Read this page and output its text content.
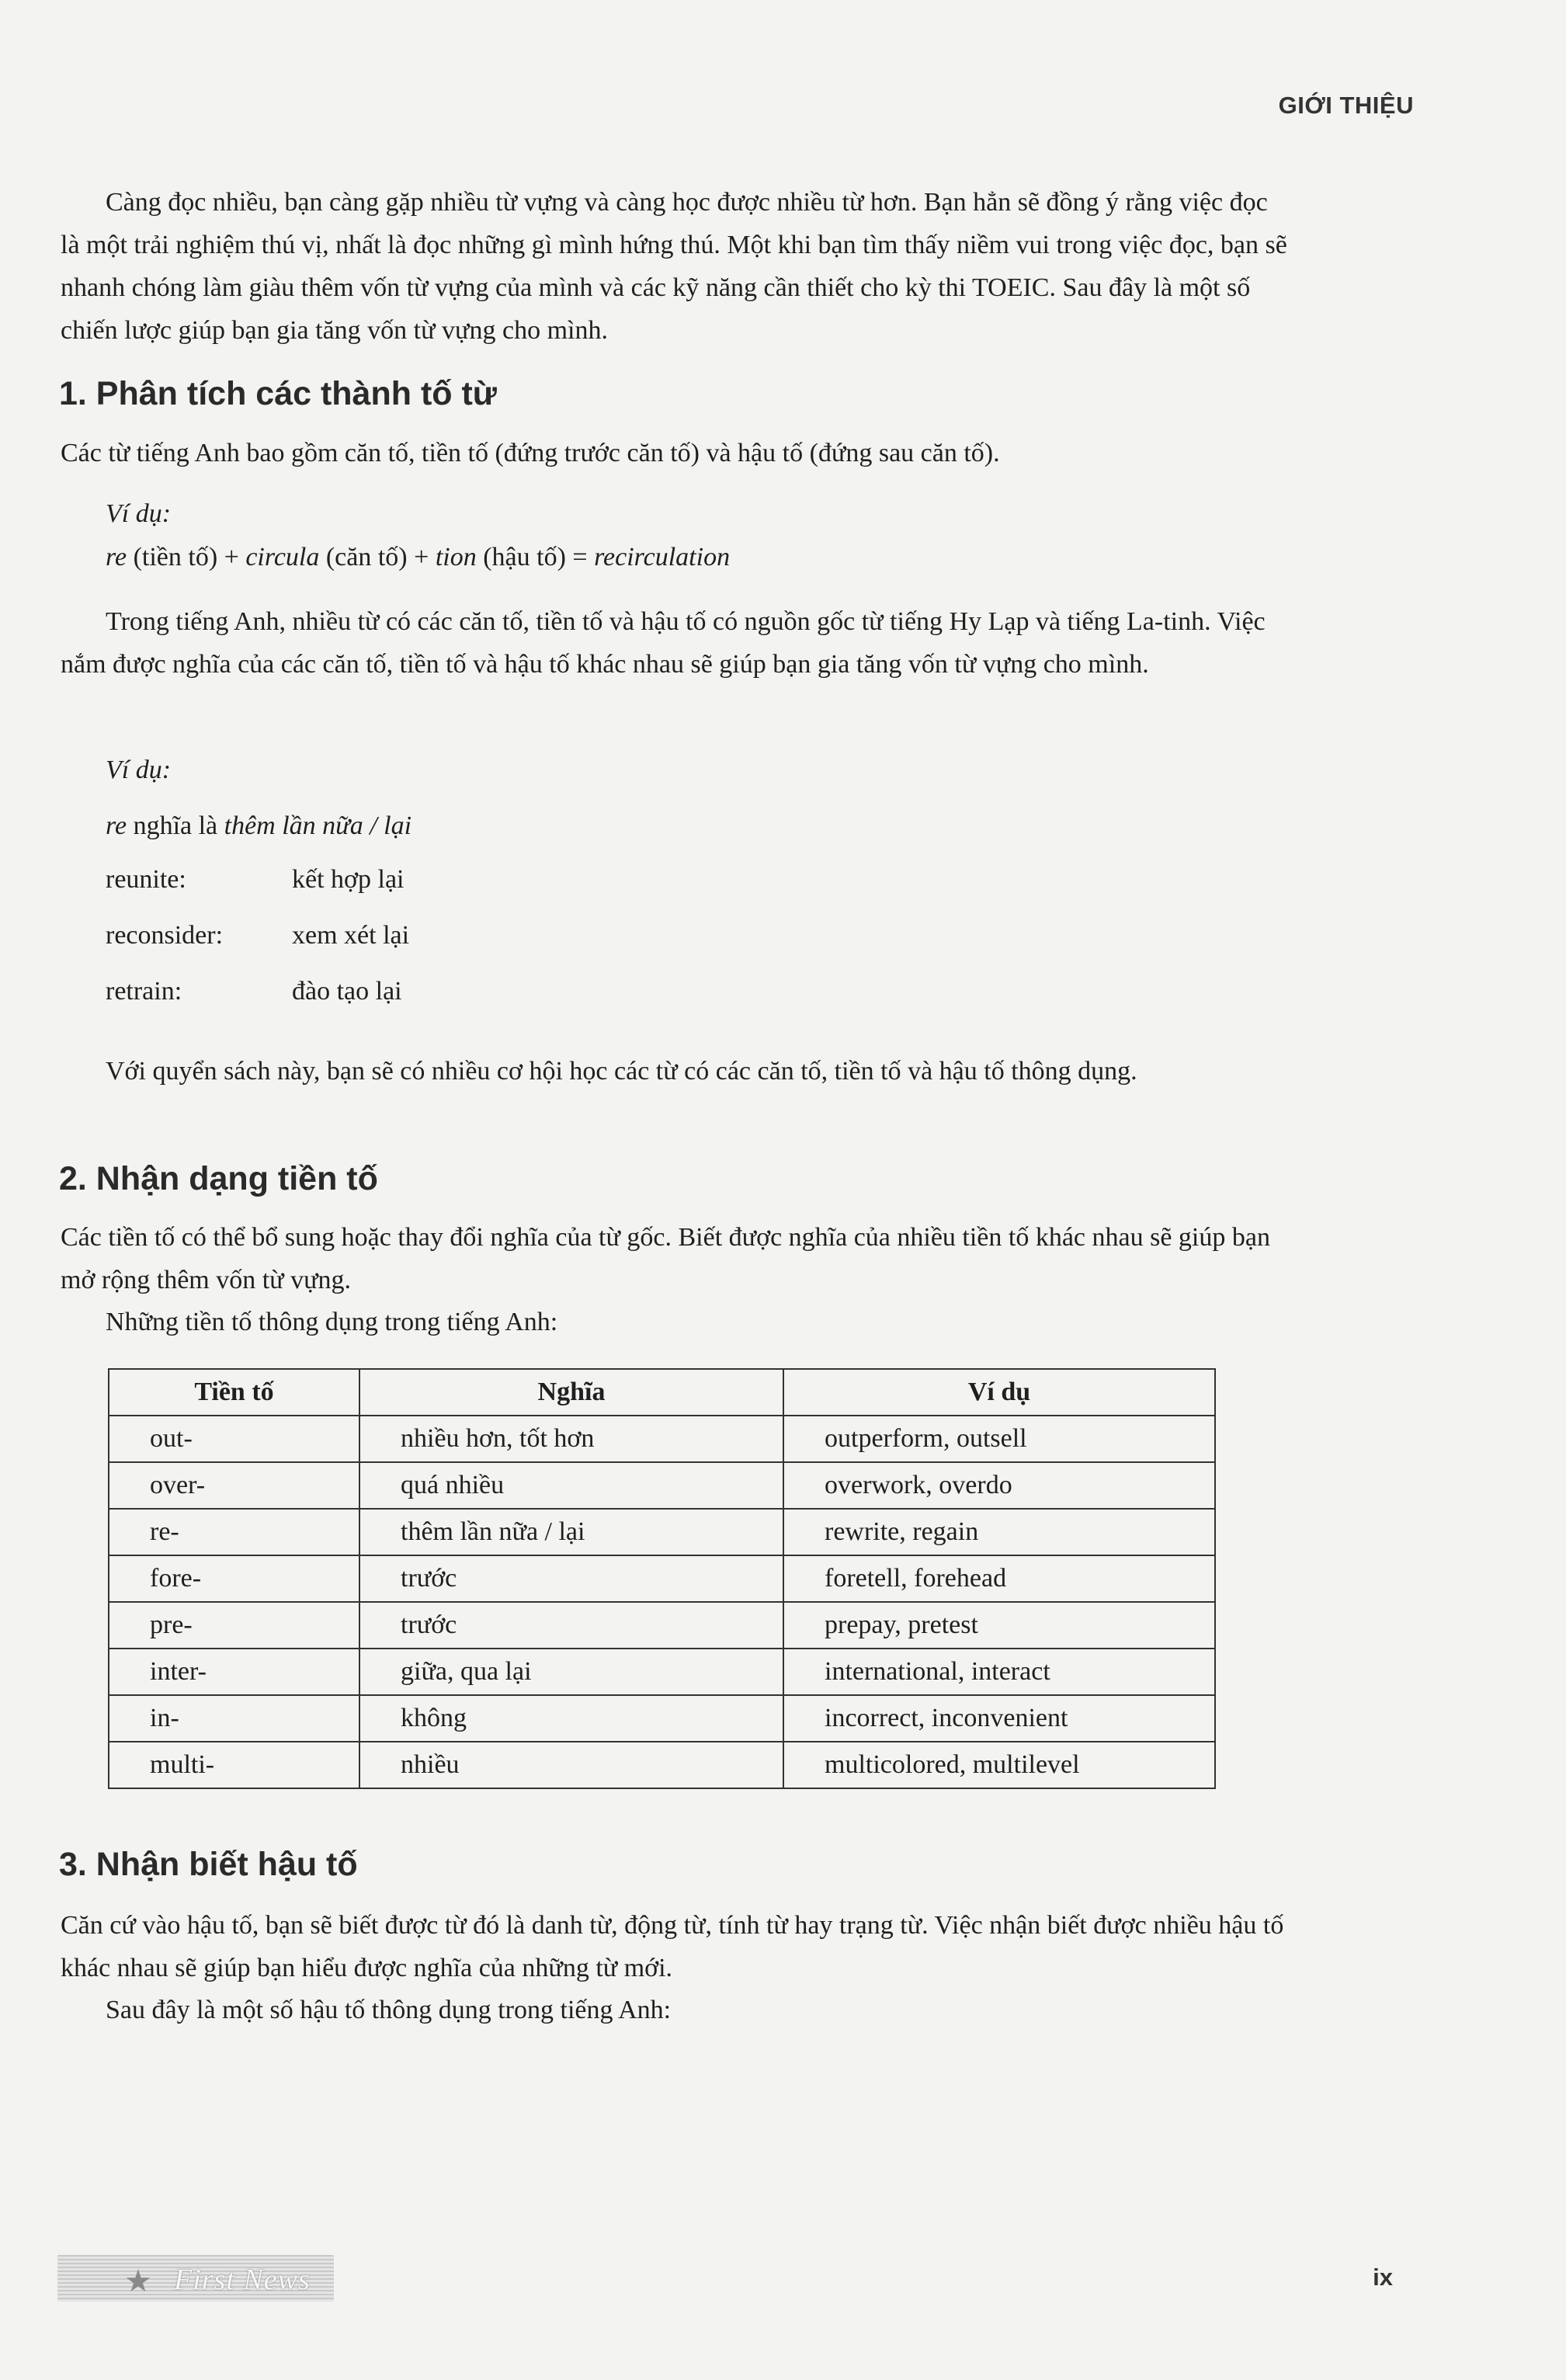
GIỚI THIỆU

Càng đọc nhiều, bạn càng gặp nhiều từ vựng và càng học được nhiều từ hơn. Bạn hẳn sẽ đồng ý rằng việc đọc là một trải nghiệm thú vị, nhất là đọc những gì mình hứng thú. Một khi bạn tìm thấy niềm vui trong việc đọc, bạn sẽ nhanh chóng làm giàu thêm vốn từ vựng của mình và các kỹ năng cần thiết cho kỳ thi TOEIC. Sau đây là một số chiến lược giúp bạn gia tăng vốn từ vựng cho mình.

1. Phân tích các thành tố từ

Các từ tiếng Anh bao gồm căn tố, tiền tố (đứng trước căn tố) và hậu tố (đứng sau căn tố).

Ví dụ:

re (tiền tố) + circula (căn tố) + tion (hậu tố) = recirculation

Trong tiếng Anh, nhiều từ có các căn tố, tiền tố và hậu tố có nguồn gốc từ tiếng Hy Lạp và tiếng La-tinh. Việc nắm được nghĩa của các căn tố, tiền tố và hậu tố khác nhau sẽ giúp bạn gia tăng vốn từ vựng cho mình.

Ví dụ:

re nghĩa là thêm lần nữa / lại

reunite:	kết hợp lại
reconsider:	xem xét lại
retrain:	đào tạo lại

Với quyển sách này, bạn sẽ có nhiều cơ hội học các từ có các căn tố, tiền tố và hậu tố thông dụng.

2. Nhận dạng tiền tố

Các tiền tố có thể bổ sung hoặc thay đổi nghĩa của từ gốc. Biết được nghĩa của nhiều tiền tố khác nhau sẽ giúp bạn mở rộng thêm vốn từ vựng.

Những tiền tố thông dụng trong tiếng Anh:

Tiền tố	Nghĩa	Ví dụ
out-	nhiều hơn, tốt hơn	outperform, outsell
over-	quá nhiều	overwork, overdo
re-	thêm lần nữa / lại	rewrite, regain
fore-	trước	foretell, forehead
pre-	trước	prepay, pretest
inter-	giữa, qua lại	international, interact
in-	không	incorrect, inconvenient
multi-	nhiều	multicolored, multilevel
3. Nhận biết hậu tố

Căn cứ vào hậu tố, bạn sẽ biết được từ đó là danh từ, động từ, tính từ hay trạng từ. Việc nhận biết được nhiều hậu tố khác nhau sẽ giúp bạn hiểu được nghĩa của những từ mới.

Sau đây là một số hậu tố thông dụng trong tiếng Anh:

★ First News	ix
